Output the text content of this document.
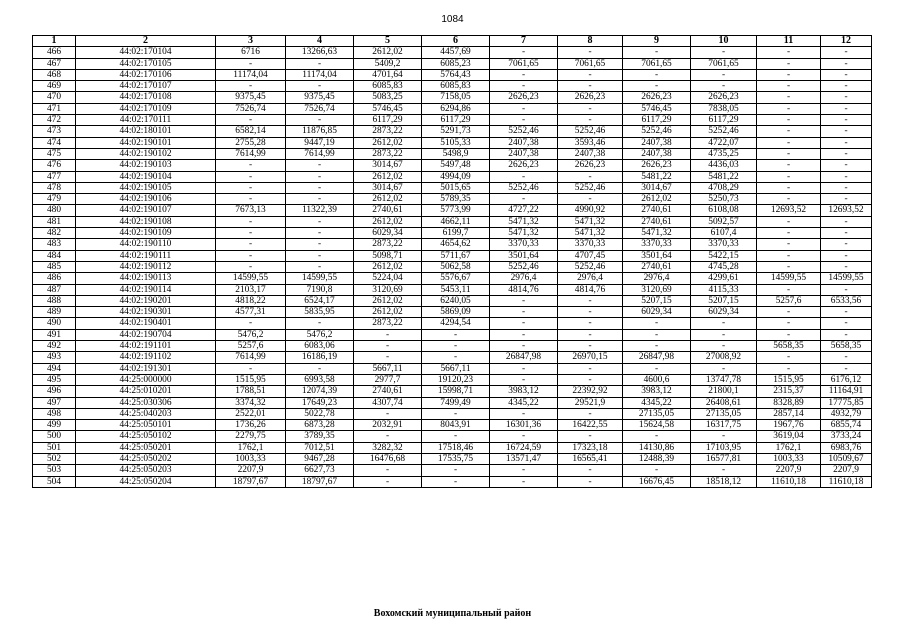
1084
1	2	3	4	5	6	7	8	9	10	11	12
466	44:02:170104	6716	13266,63	2612,02	4457,69	-	-	-	-	-	-
467	44:02:170105	-	-	5409,2	6085,23	7061,65	7061,65	7061,65	7061,65	-	-
468	44:02:170106	11174,04	11174,04	4701,64	5764,43	-	-	-	-	-	-
469	44:02:170107	-	-	6085,83	6085,83	-	-	-	-	-	-
470	44:02:170108	9375,45	9375,45	5083,25	7158,05	2626,23	2626,23	2626,23	2626,23	-	-
471	44:02:170109	7526,74	7526,74	5746,45	6294,86	-	-	5746,45	7838,05	-	-
472	44:02:170111	-	-	6117,29	6117,29	-	-	6117,29	6117,29	-	-
473	44:02:180101	6582,14	11876,85	2873,22	5291,73	5252,46	5252,46	5252,46	5252,46	-	-
474	44:02:190101	2755,28	9447,19	2612,02	5105,33	2407,38	3593,46	2407,38	4722,07	-	-
475	44:02:190102	7614,99	7614,99	2873,22	5498,9	2407,38	2407,38	2407,38	4735,25	-	-
476	44:02:190103	-	-	3014,67	5497,48	2626,23	2626,23	2626,23	4436,03	-	-
477	44:02:190104	-	-	2612,02	4994,09	-	-	5481,22	5481,22	-	-
478	44:02:190105	-	-	3014,67	5015,65	5252,46	5252,46	3014,67	4708,29	-	-
479	44:02:190106	-	-	2612,02	5789,35	-	-	2612,02	5250,73	-	-
480	44:02:190107	7673,13	11322,39	2740,61	5773,99	4727,22	4990,92	2740,61	6108,08	12693,52	12693,52
481	44:02:190108	-	-	2612,02	4662,11	5471,32	5471,32	2740,61	5092,57	-	-
482	44:02:190109	-	-	6029,34	6199,7	5471,32	5471,32	5471,32	6107,4	-	-
483	44:02:190110	-	-	2873,22	4654,62	3370,33	3370,33	3370,33	3370,33	-	-
484	44:02:190111	-	-	5098,71	5711,67	3501,64	4707,45	3501,64	5422,15	-	-
485	44:02:190112	-	-	2612,02	5062,58	5252,46	5252,46	2740,61	4745,28	-	-
486	44:02:190113	14599,55	14599,55	5224,04	5576,67	2976,4	2976,4	2976,4	4299,61	14599,55	14599,55
487	44:02:190114	2103,17	7190,8	3120,69	5453,11	4814,76	4814,76	3120,69	4115,33	-	-
488	44:02:190201	4818,22	6524,17	2612,02	6240,05	-	-	5207,15	5207,15	5257,6	6533,56
489	44:02:190301	4577,31	5835,95	2612,02	5869,09	-	-	6029,34	6029,34	-	-
490	44:02:190401	-	-	2873,22	4294,54	-	-	-	-	-	-
491	44:02:190704	5476,2	5476,2	-	-	-	-	-	-	-	-
492	44:02:191101	5257,6	6083,06	-	-	-	-	-	-	5658,35	5658,35
493	44:02:191102	7614,99	16186,19	-	-	26847,98	26970,15	26847,98	27008,92	-	-
494	44:02:191301	-	-	5667,11	5667,11	-	-	-	-	-	-
495	44:25:000000	1515,95	6993,58	2977,7	19120,23	-	-	4600,6	13747,78	1515,95	6176,12
496	44:25:010201	1788,51	12074,39	2740,61	15998,71	3983,12	22392,92	3983,12	21800,1	2315,37	11164,91
497	44:25:030306	3374,32	17649,23	4307,74	7499,49	4345,22	29521,9	4345,22	26408,61	8328,89	17775,85
498	44:25:040203	2522,01	5022,78	-	-	-	-	27135,05	27135,05	2857,14	4932,79
499	44:25:050101	1736,26	6873,28	2032,91	8043,91	16301,36	16422,55	15624,58	16317,75	1967,76	6855,74
500	44:25:050102	2279,75	3789,35	-	-	-	-	-	-	3619,04	3733,24
501	44:25:050201	1762,1	7012,51	3282,32	17518,46	16724,59	17323,18	14130,86	17103,95	1762,1	6983,76
502	44:25:050202	1003,33	9467,28	16476,68	17535,75	13571,47	16565,41	12488,39	16577,81	1003,33	10509,67
503	44:25:050203	2207,9	6627,73	-	-	-	-	-	-	2207,9	2207,9
504	44:25:050204	18797,67	18797,67	-	-	-	-	16676,45	18518,12	11610,18	11610,18
Вохомский муниципальный район
